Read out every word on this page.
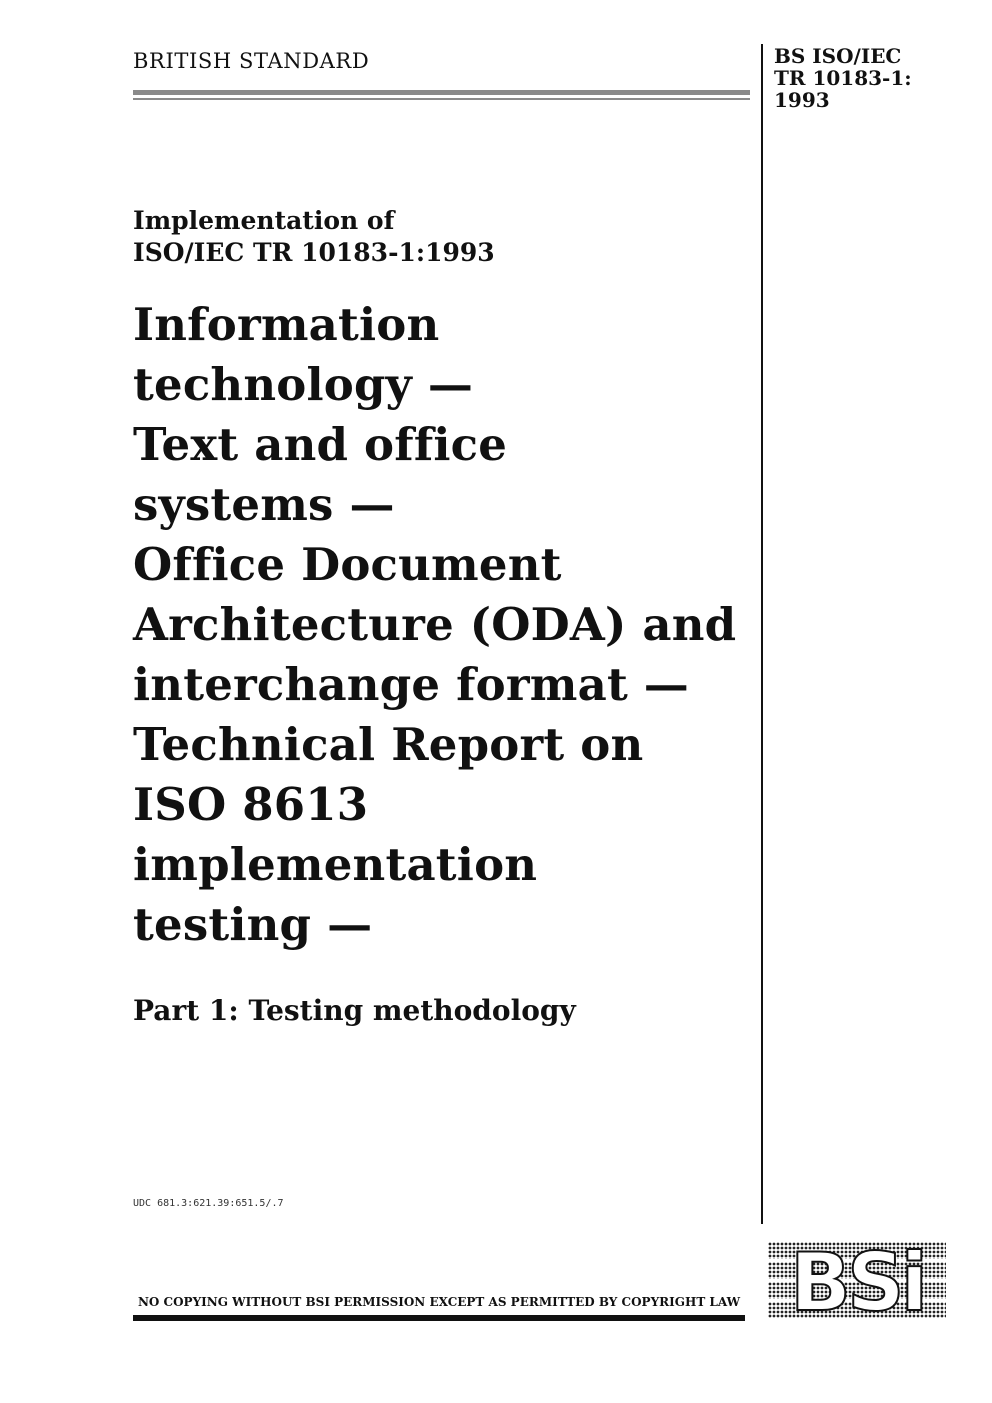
BRITISH STANDARD	BS ISO/IEC
TR 10183-1:
1993
Implementation of
ISO/IEC TR 10183-1:1993
Information
technology —
Text and office
systems —
Office Document
Architecture (ODA) and
interchange format —
Technical Report on
ISO 8613
implementation
testing —
Part 1: Testing methodology
UDC 681.3:621.39:651.5/.7
NO COPYING WITHOUT BSI PERMISSION EXCEPT AS PERMITTED BY COPYRIGHT LAW BSi
